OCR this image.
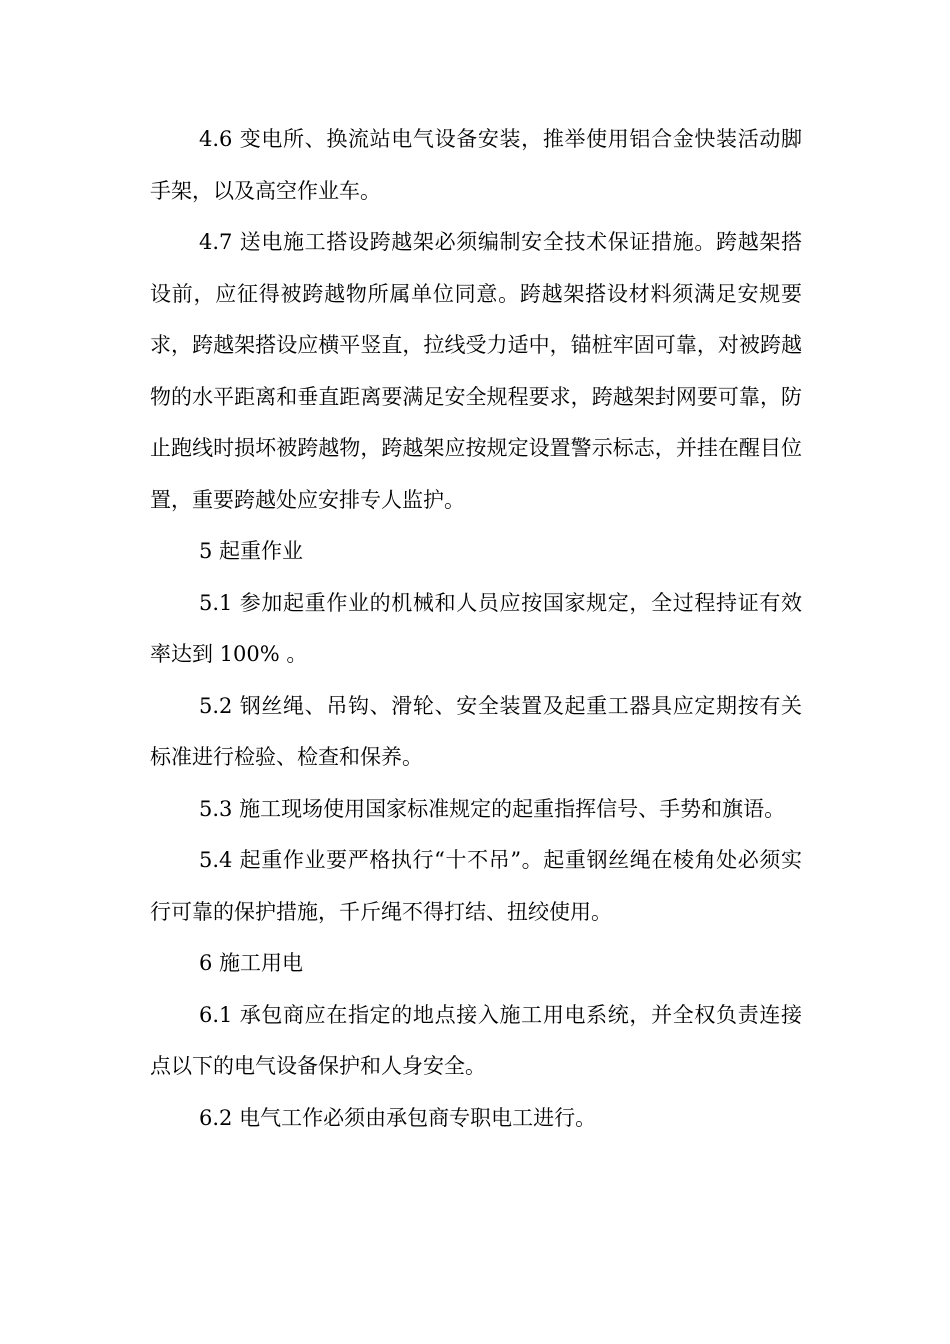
4.6 变电所、换流站电气设备安装，推举使用铝合金快装活动脚手架，以及高空作业车。

4.7 送电施工搭设跨越架必须编制安全技术保证措施。跨越架搭设前，应征得被跨越物所属单位同意。跨越架搭设材料须满足安规要求，跨越架搭设应横平竖直，拉线受力适中，锚桩牢固可靠，对被跨越物的水平距离和垂直距离要满足安全规程要求，跨越架封网要可靠，防止跑线时损坏被跨越物，跨越架应按规定设置警示标志，并挂在醒目位置，重要跨越处应安排专人监护。

5 起重作业

5.1 参加起重作业的机械和人员应按国家规定，全过程持证有效率达到 100% 。

5.2 钢丝绳、吊钩、滑轮、安全装置及起重工器具应定期按有关标准进行检验、检查和保养。

5.3 施工现场使用国家标准规定的起重指挥信号、手势和旗语。

5.4 起重作业要严格执行“十不吊”。起重钢丝绳在棱角处必须实行可靠的保护措施，千斤绳不得打结、扭绞使用。

6 施工用电

6.1 承包商应在指定的地点接入施工用电系统，并全权负责连接点以下的电气设备保护和人身安全。

6.2 电气工作必须由承包商专职电工进行。
